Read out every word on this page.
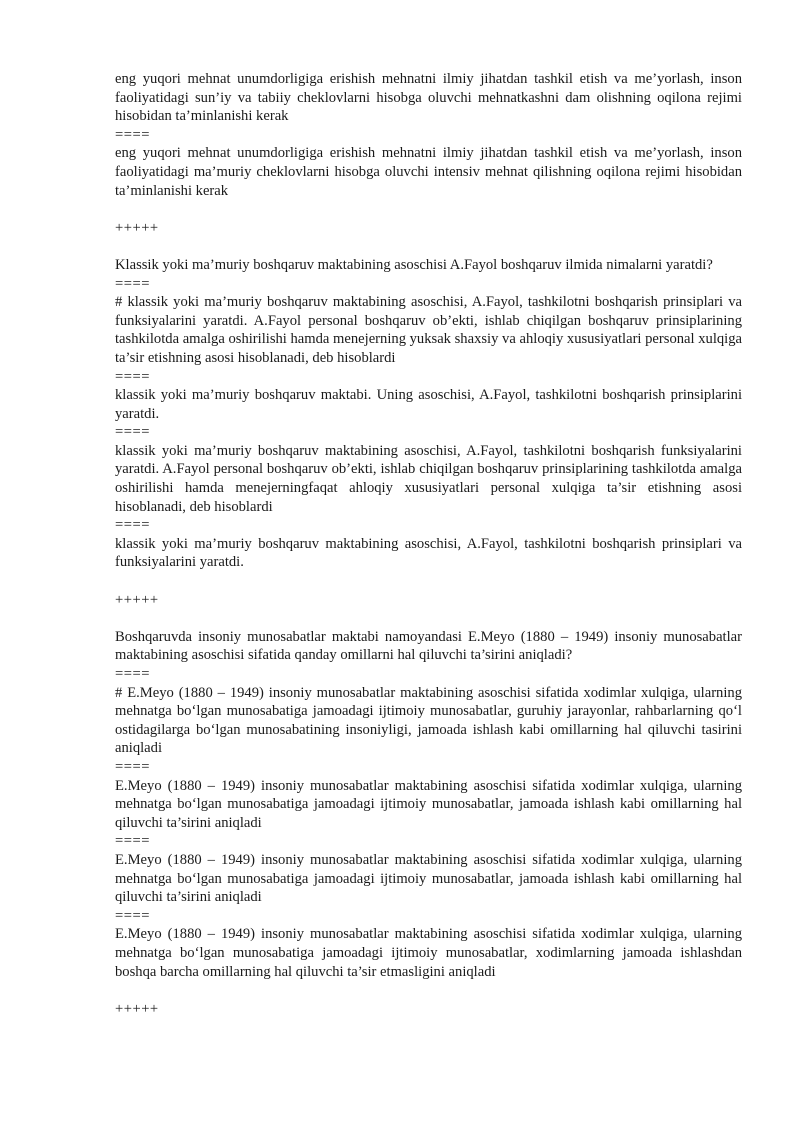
eng yuqori mehnat unumdorligiga erishish mehnatni ilmiy jihatdan tashkil etish va me’yorlash, inson faoliyatidagi sun’iy va tabiiy cheklovlarni hisobga oluvchi mehnatkashni dam olishning oqilona rejimi hisobidan ta’minlanishi kerak

====

eng yuqori mehnat unumdorligiga erishish mehnatni ilmiy jihatdan tashkil etish va me’yorlash, inson faoliyatidagi ma’muriy cheklovlarni hisobga oluvchi intensiv mehnat qilishning oqilona rejimi hisobidan ta’minlanishi kerak

+++++

Klassik yoki ma’muriy boshqaruv maktabining asoschisi A.Fayol boshqaruv ilmida nimalarni yaratdi?

====

# klassik yoki ma’muriy boshqaruv maktabining asoschisi, A.Fayol, tashkilotni boshqarish prinsiplari va funksiyalarini yaratdi. A.Fayol personal boshqaruv ob’ekti, ishlab chiqilgan boshqaruv prinsiplarining tashkilotda amalga oshirilishi hamda menejerning yuksak shaxsiy va ahloqiy xususiyatlari personal xulqiga ta’sir etishning asosi hisoblanadi, deb hisoblardi

====

klassik yoki ma’muriy boshqaruv maktabi. Uning asoschisi, A.Fayol, tashkilotni boshqarish prinsiplarini yaratdi.

====

klassik yoki ma’muriy boshqaruv maktabining asoschisi, A.Fayol, tashkilotni boshqarish funksiyalarini yaratdi. A.Fayol personal boshqaruv ob’ekti, ishlab chiqilgan boshqaruv prinsiplarining tashkilotda amalga oshirilishi hamda menejerningfaqat ahloqiy xususiyatlari personal xulqiga ta’sir etishning asosi hisoblanadi, deb hisoblardi

====

klassik yoki ma’muriy boshqaruv maktabining asoschisi, A.Fayol, tashkilotni boshqarish prinsiplari va funksiyalarini yaratdi.

+++++

Boshqaruvda insoniy munosabatlar maktabi namoyandasi E.Meyo (1880 – 1949) insoniy munosabatlar maktabining asoschisi sifatida qanday omillarni hal qiluvchi ta’sirini aniqladi?

====

# E.Meyo (1880 – 1949) insoniy munosabatlar maktabining asoschisi sifatida xodimlar xulqiga, ularning mehnatga bo‘lgan munosabatiga jamoadagi ijtimoiy munosabatlar, guruhiy jarayonlar, rahbarlarning qo‘l ostidagilarga bo‘lgan munosabatining insoniyligi, jamoada ishlash kabi omillarning hal qiluvchi tasirini aniqladi

====

E.Meyo (1880 – 1949) insoniy munosabatlar maktabining asoschisi sifatida xodimlar xulqiga, ularning mehnatga bo‘lgan munosabatiga jamoadagi ijtimoiy munosabatlar, jamoada ishlash kabi omillarning hal qiluvchi ta’sirini aniqladi

====

E.Meyo (1880 – 1949) insoniy munosabatlar maktabining asoschisi sifatida xodimlar xulqiga, ularning mehnatga bo‘lgan munosabatiga jamoadagi ijtimoiy munosabatlar, jamoada ishlash kabi omillarning hal qiluvchi ta’sirini aniqladi

====

E.Meyo (1880 – 1949) insoniy munosabatlar maktabining asoschisi sifatida xodimlar xulqiga, ularning mehnatga bo‘lgan munosabatiga jamoadagi ijtimoiy munosabatlar, xodimlarning jamoada ishlashdan boshqa barcha omillarning hal qiluvchi ta’sir etmasligini aniqladi

+++++
